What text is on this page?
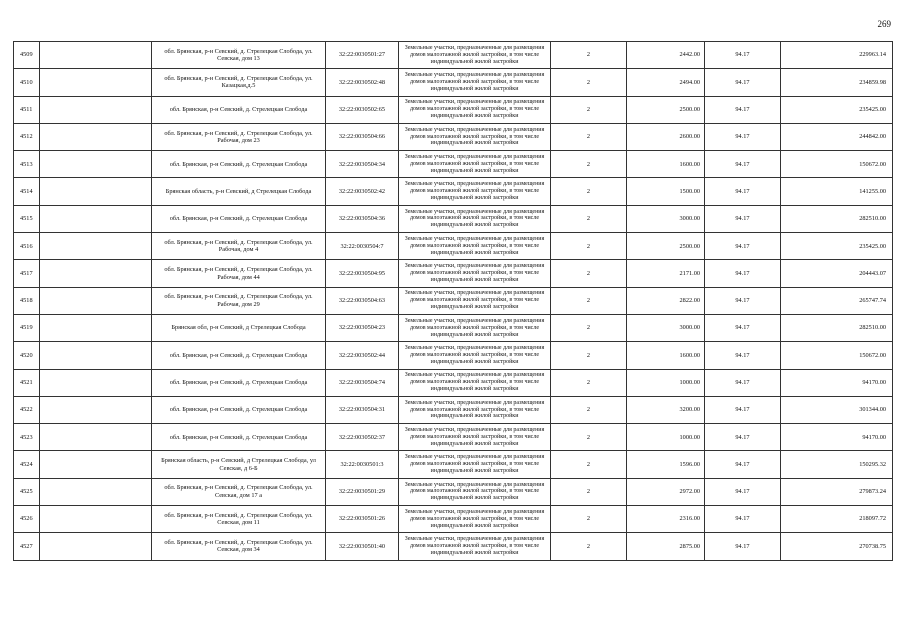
269
4509		обл. Брянская, р-н Севский, д. Стрелецкая Слобода, ул. Севская, дом 13	32:22:0030501:27	Земельные участки, предназначенные для размещения домов малоэтажной жилой застройки, в том числе индивидуальной жилой застройки	2	2442.00	94.17	229963.14
4510		обл. Брянская, р-н Севский, д. Стрелецкая Слобода, ул. Казацкая,д.5	32:22:0030502:48	Земельные участки, предназначенные для размещения домов малоэтажной жилой застройки, в том числе индивидуальной жилой застройки	2	2494.00	94.17	234859.98
4511		обл. Брянская, р-н Севский, д. Стрелецкая Слобода	32:22:0030502:65	Земельные участки, предназначенные для размещения домов малоэтажной жилой застройки, в том числе индивидуальной жилой застройки	2	2500.00	94.17	235425.00
4512		обл. Брянская, р-н Севский, д. Стрелецкая Слобода, ул. Рабочая, дом 23	32:22:0030504:66	Земельные участки, предназначенные для размещения домов малоэтажной жилой застройки, в том числе индивидуальной жилой застройки	2	2600.00	94.17	244842.00
4513		обл. Брянская, р-н Севский, д. Стрелецкая Слобода	32:22:0030504:34	Земельные участки, предназначенные для размещения домов малоэтажной жилой застройки, в том числе индивидуальной жилой застройки	2	1600.00	94.17	150672.00
4514		Брянская область, р-н Севский, д Стрелецкая Слобода	32:22:0030502:42	Земельные участки, предназначенные для размещения домов малоэтажной жилой застройки, в том числе индивидуальной жилой застройки	2	1500.00	94.17	141255.00
4515		обл. Брянская, р-н Севский, д. Стрелецкая Слобода	32:22:0030504:36	Земельные участки, предназначенные для размещения домов малоэтажной жилой застройки, в том числе индивидуальной жилой застройки	2	3000.00	94.17	282510.00
4516		обл. Брянская, р-н Севский, д. Стрелецкая Слобода, ул. Рабочая, дом 4	32:22:0030504:7	Земельные участки, предназначенные для размещения домов малоэтажной жилой застройки, в том числе индивидуальной жилой застройки	2	2500.00	94.17	235425.00
4517		обл. Брянская, р-н Севский, д. Стрелецкая Слобода, ул. Рабочая, дом 44	32:22:0030504:95	Земельные участки, предназначенные для размещения домов малоэтажной жилой застройки, в том числе индивидуальной жилой застройки	2	2171.00	94.17	204443.07
4518		обл. Брянская, р-н Севский, д. Стрелецкая Слобода, ул. Рабочая, дом 29	32:22:0030504:63	Земельные участки, предназначенные для размещения домов малоэтажной жилой застройки, в том числе индивидуальной жилой застройки	2	2822.00	94.17	265747.74
4519		Брянская обл, р-н Севский, д Стрелецкая Слобода	32:22:0030504:23	Земельные участки, предназначенные для размещения домов малоэтажной жилой застройки, в том числе индивидуальной жилой застройки	2	3000.00	94.17	282510.00
4520		обл. Брянская, р-н Севский, д. Стрелецкая Слобода	32:22:0030502:44	Земельные участки, предназначенные для размещения домов малоэтажной жилой застройки, в том числе индивидуальной жилой застройки	2	1600.00	94.17	150672.00
4521		обл. Брянская, р-н Севский, д. Стрелецкая Слобода	32:22:0030504:74	Земельные участки, предназначенные для размещения домов малоэтажной жилой застройки, в том числе индивидуальной жилой застройки	2	1000.00	94.17	94170.00
4522		обл. Брянская, р-н Севский, д. Стрелецкая Слобода	32:22:0030504:31	Земельные участки, предназначенные для размещения домов малоэтажной жилой застройки, в том числе индивидуальной жилой застройки	2	3200.00	94.17	301344.00
4523		обл. Брянская, р-н Севский, д. Стрелецкая Слобода	32:22:0030502:37	Земельные участки, предназначенные для размещения домов малоэтажной жилой застройки, в том числе индивидуальной жилой застройки	2	1000.00	94.17	94170.00
4524		Брянская область, р-н Севский, д Стрелецкая Слобода, ул Севская, д 6-Б	32:22:0030501:3	Земельные участки, предназначенные для размещения домов малоэтажной жилой застройки, в том числе индивидуальной жилой застройки	2	1596.00	94.17	150295.32
4525		обл. Брянская, р-н Севский, д. Стрелецкая Слобода, ул. Севская, дом 17 а	32:22:0030501:29	Земельные участки, предназначенные для размещения домов малоэтажной жилой застройки, в том числе индивидуальной жилой застройки	2	2972.00	94.17	279873.24
4526		обл. Брянская, р-н Севский, д. Стрелецкая Слобода, ул. Севская, дом 11	32:22:0030501:26	Земельные участки, предназначенные для размещения домов малоэтажной жилой застройки, в том числе индивидуальной жилой застройки	2	2316.00	94.17	218097.72
4527		обл. Брянская, р-н Севский, д. Стрелецкая Слобода, ул. Севская, дом 34	32:22:0030501:40	Земельные участки, предназначенные для размещения домов малоэтажной жилой застройки, в том числе индивидуальной жилой застройки	2	2875.00	94.17	270738.75
